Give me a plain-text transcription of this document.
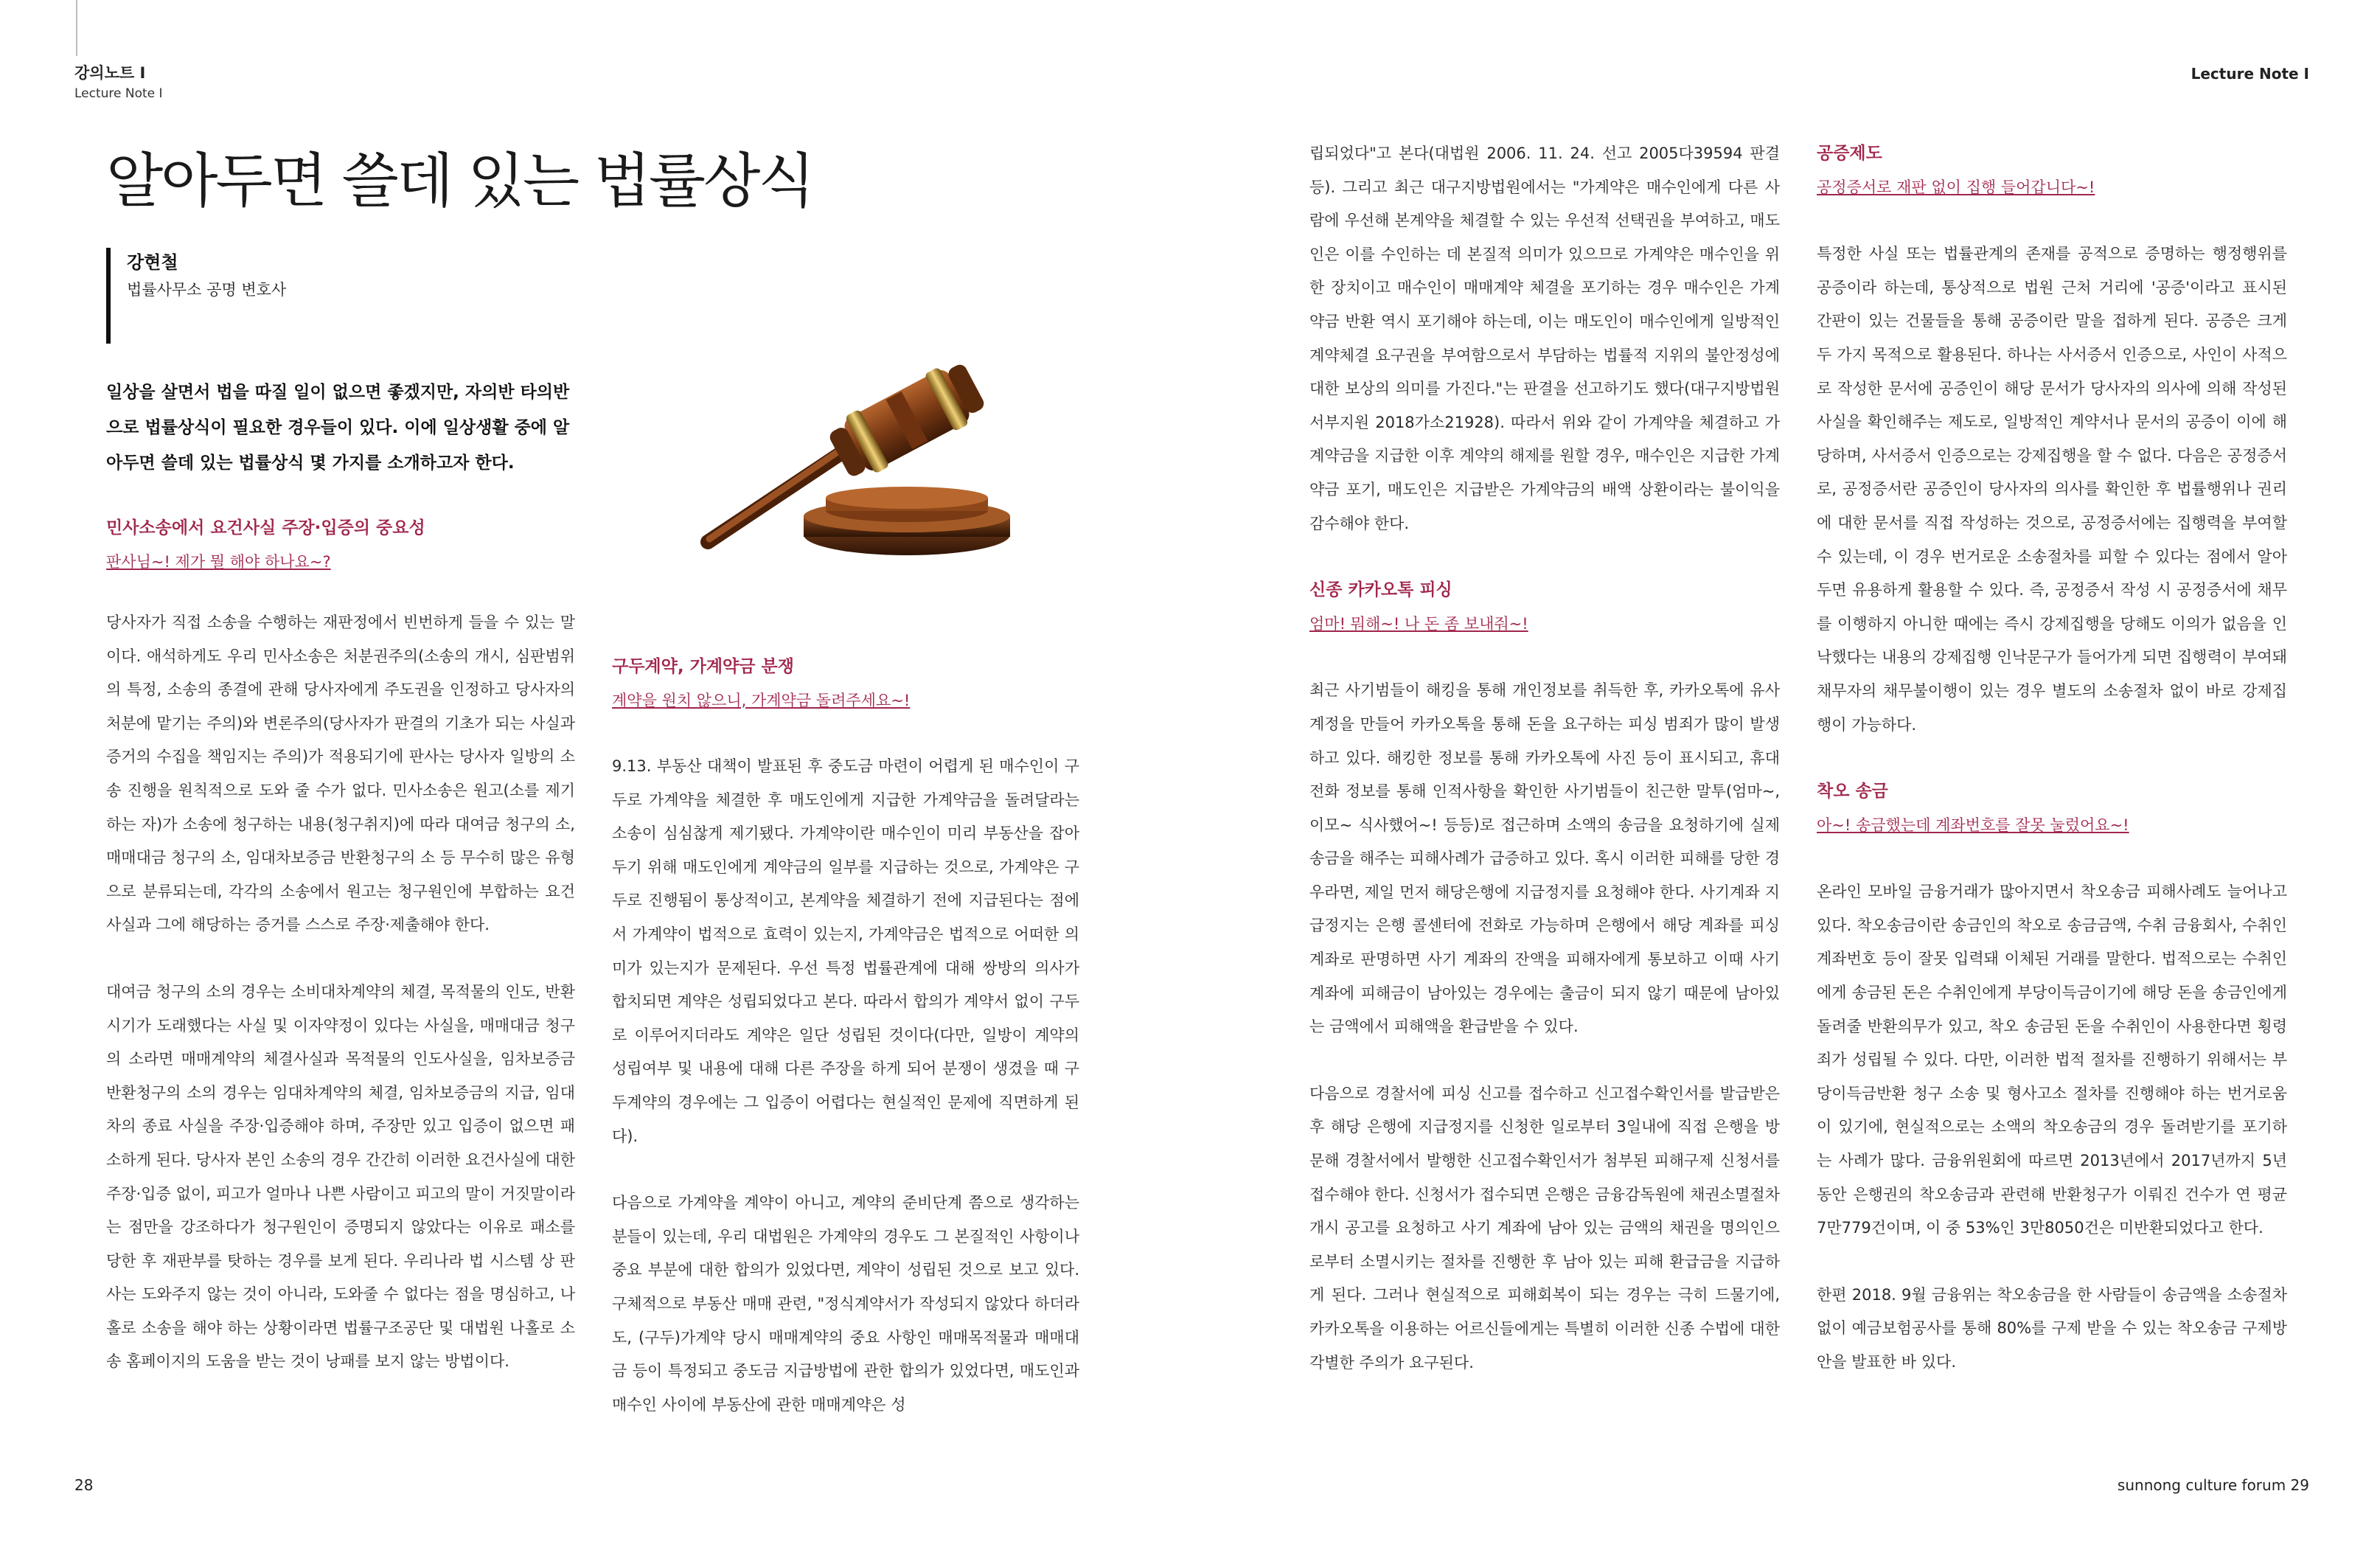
강의노트 I
Lecture Note I
Lecture Note I
알아두면 쓸데 있는 법률상식
강현철
법률사무소 공명 변호사

일상을 살면서 법을 따질 일이 없으면 좋겠지만, 자의반 타의반으로 법률상식이 필요한 경우들이 있다. 이에 일상생활 중에 알아두면 쓸데 있는 법률상식 몇 가지를 소개하고자 한다.

민사소송에서 요건사실 주장·입증의 중요성
판사님~! 제가 뭘 해야 하나요~?

당사자가 직접 소송을 수행하는 재판정에서 빈번하게 들을 수 있는 말이다. 애석하게도 우리 민사소송은 처분권주의(소송의 개시, 심판범위의 특정, 소송의 종결에 관해 당사자에게 주도권을 인정하고 당사자의 처분에 맡기는 주의)와 변론주의(당사자가 판결의 기초가 되는 사실과 증거의 수집을 책임지는 주의)가 적용되기에 판사는 당사자 일방의 소송 진행을 원칙적으로 도와 줄 수가 없다. 민사소송은 원고(소를 제기하는 자)가 소송에 청구하는 내용(청구취지)에 따라 대여금 청구의 소, 매매대금 청구의 소, 임대차보증금 반환청구의 소 등 무수히 많은 유형으로 분류되는데, 각각의 소송에서 원고는 청구원인에 부합하는 요건사실과 그에 해당하는 증거를 스스로 주장·제출해야 한다.

대여금 청구의 소의 경우는 소비대차계약의 체결, 목적물의 인도, 반환시기가 도래했다는 사실 및 이자약정이 있다는 사실을, 매매대금 청구의 소라면 매매계약의 체결사실과 목적물의 인도사실을, 임차보증금 반환청구의 소의 경우는 임대차계약의 체결, 임차보증금의 지급, 임대차의 종료 사실을 주장·입증해야 하며, 주장만 있고 입증이 없으면 패소하게 된다. 당사자 본인 소송의 경우 간간히 이러한 요건사실에 대한 주장·입증 없이, 피고가 얼마나 나쁜 사람이고 피고의 말이 거짓말이라는 점만을 강조하다가 청구원인이 증명되지 않았다는 이유로 패소를 당한 후 재판부를 탓하는 경우를 보게 된다. 우리나라 법 시스템 상 판사는 도와주지 않는 것이 아니라, 도와줄 수 없다는 점을 명심하고, 나홀로 소송을 해야 하는 상황이라면 법률구조공단 및 대법원 나홀로 소송 홈페이지의 도움을 받는 것이 낭패를 보지 않는 방법이다.

구두계약, 가계약금 분쟁
계약을 원치 않으니, 가계약금 돌려주세요~!

9.13. 부동산 대책이 발표된 후 중도금 마련이 어렵게 된 매수인이 구두로 가계약을 체결한 후 매도인에게 지급한 가계약금을 돌려달라는 소송이 심심찮게 제기됐다. 가계약이란 매수인이 미리 부동산을 잡아두기 위해 매도인에게 계약금의 일부를 지급하는 것으로, 가계약은 구두로 진행됨이 통상적이고, 본계약을 체결하기 전에 지급된다는 점에서 가계약이 법적으로 효력이 있는지, 가계약금은 법적으로 어떠한 의미가 있는지가 문제된다. 우선 특정 법률관계에 대해 쌍방의 의사가 합치되면 계약은 성립되었다고 본다. 따라서 합의가 계약서 없이 구두로 이루어지더라도 계약은 일단 성립된 것이다(다만, 일방이 계약의 성립여부 및 내용에 대해 다른 주장을 하게 되어 분쟁이 생겼을 때 구두계약의 경우에는 그 입증이 어렵다는 현실적인 문제에 직면하게 된다).

다음으로 가계약을 계약이 아니고, 계약의 준비단계 쯤으로 생각하는 분들이 있는데, 우리 대법원은 가계약의 경우도 그 본질적인 사항이나 중요 부분에 대한 합의가 있었다면, 계약이 성립된 것으로 보고 있다. 구체적으로 부동산 매매 관련, "정식계약서가 작성되지 않았다 하더라도, (구두)가계약 당시 매매계약의 중요 사항인 매매목적물과 매매대금 등이 특정되고 중도금 지급방법에 관한 합의가 있었다면, 매도인과 매수인 사이에 부동산에 관한 매매계약은 성

립되었다"고 본다(대법원 2006. 11. 24. 선고 2005다39594 판결 등). 그리고 최근 대구지방법원에서는 "가계약은 매수인에게 다른 사람에 우선해 본계약을 체결할 수 있는 우선적 선택권을 부여하고, 매도인은 이를 수인하는 데 본질적 의미가 있으므로 가계약은 매수인을 위한 장치이고 매수인이 매매계약 체결을 포기하는 경우 매수인은 가계약금 반환 역시 포기해야 하는데, 이는 매도인이 매수인에게 일방적인 계약체결 요구권을 부여함으로서 부담하는 법률적 지위의 불안정성에 대한 보상의 의미를 가진다."는 판결을 선고하기도 했다(대구지방법원 서부지원 2018가소21928). 따라서 위와 같이 가계약을 체결하고 가계약금을 지급한 이후 계약의 해제를 원할 경우, 매수인은 지급한 가계약금 포기, 매도인은 지급받은 가계약금의 배액 상환이라는 불이익을 감수해야 한다.

신종 카카오톡 피싱
엄마! 뭐해~! 나 돈 좀 보내줘~!

최근 사기범들이 해킹을 통해 개인정보를 취득한 후, 카카오톡에 유사계정을 만들어 카카오톡을 통해 돈을 요구하는 피싱 범죄가 많이 발생하고 있다. 해킹한 정보를 통해 카카오톡에 사진 등이 표시되고, 휴대전화 정보를 통해 인적사항을 확인한 사기범들이 친근한 말투(엄마~, 이모~ 식사했어~! 등등)로 접근하며 소액의 송금을 요청하기에 실제 송금을 해주는 피해사례가 급증하고 있다. 혹시 이러한 피해를 당한 경우라면, 제일 먼저 해당은행에 지급정지를 요청해야 한다. 사기계좌 지급정지는 은행 콜센터에 전화로 가능하며 은행에서 해당 계좌를 피싱 계좌로 판명하면 사기 계좌의 잔액을 피해자에게 통보하고 이때 사기계좌에 피해금이 남아있는 경우에는 출금이 되지 않기 때문에 남아있는 금액에서 피해액을 환급받을 수 있다.

다음으로 경찰서에 피싱 신고를 접수하고 신고접수확인서를 발급받은 후 해당 은행에 지급정지를 신청한 일로부터 3일내에 직접 은행을 방문해 경찰서에서 발행한 신고접수확인서가 첨부된 피해구제 신청서를 접수해야 한다. 신청서가 접수되면 은행은 금융감독원에 채권소멸절차 개시 공고를 요청하고 사기 계좌에 남아 있는 금액의 채권을 명의인으로부터 소멸시키는 절차를 진행한 후 남아 있는 피해 환급금을 지급하게 된다. 그러나 현실적으로 피해회복이 되는 경우는 극히 드물기에, 카카오톡을 이용하는 어르신들에게는 특별히 이러한 신종 수법에 대한 각별한 주의가 요구된다.

공증제도
공정증서로 재판 없이 집행 들어갑니다~!

특정한 사실 또는 법률관계의 존재를 공적으로 증명하는 행정행위를 공증이라 하는데, 통상적으로 법원 근처 거리에 '공증'이라고 표시된 간판이 있는 건물들을 통해 공증이란 말을 접하게 된다. 공증은 크게 두 가지 목적으로 활용된다. 하나는 사서증서 인증으로, 사인이 사적으로 작성한 문서에 공증인이 해당 문서가 당사자의 의사에 의해 작성된 사실을 확인해주는 제도로, 일방적인 계약서나 문서의 공증이 이에 해당하며, 사서증서 인증으로는 강제집행을 할 수 없다. 다음은 공정증서로, 공정증서란 공증인이 당사자의 의사를 확인한 후 법률행위나 권리에 대한 문서를 직접 작성하는 것으로, 공정증서에는 집행력을 부여할 수 있는데, 이 경우 번거로운 소송절차를 피할 수 있다는 점에서 알아두면 유용하게 활용할 수 있다. 즉, 공정증서 작성 시 공정증서에 채무를 이행하지 아니한 때에는 즉시 강제집행을 당해도 이의가 없음을 인낙했다는 내용의 강제집행 인낙문구가 들어가게 되면 집행력이 부여돼 채무자의 채무불이행이 있는 경우 별도의 소송절차 없이 바로 강제집행이 가능하다.

착오 송금
아~! 송금했는데 계좌번호를 잘못 눌렀어요~!

온라인 모바일 금융거래가 많아지면서 착오송금 피해사례도 늘어나고 있다. 착오송금이란 송금인의 착오로 송금금액, 수취 금융회사, 수취인 계좌번호 등이 잘못 입력돼 이체된 거래를 말한다. 법적으로는 수취인에게 송금된 돈은 수취인에게 부당이득금이기에 해당 돈을 송금인에게 돌려줄 반환의무가 있고, 착오 송금된 돈을 수취인이 사용한다면 횡령죄가 성립될 수 있다. 다만, 이러한 법적 절차를 진행하기 위해서는 부당이득금반환 청구 소송 및 형사고소 절차를 진행해야 하는 번거로움이 있기에, 현실적으로는 소액의 착오송금의 경우 돌려받기를 포기하는 사례가 많다. 금융위원회에 따르면 2013년에서 2017년까지 5년 동안 은행권의 착오송금과 관련해 반환청구가 이뤄진 건수가 연 평균 7만779건이며, 이 중 53%인 3만8050건은 미반환되었다고 한다.

한편 2018. 9월 금융위는 착오송금을 한 사람들이 송금액을 소송절차 없이 예금보험공사를 통해 80%를 구제 받을 수 있는 착오송금 구제방안을 발표한 바 있다.

28	sunnong culture forum 29
